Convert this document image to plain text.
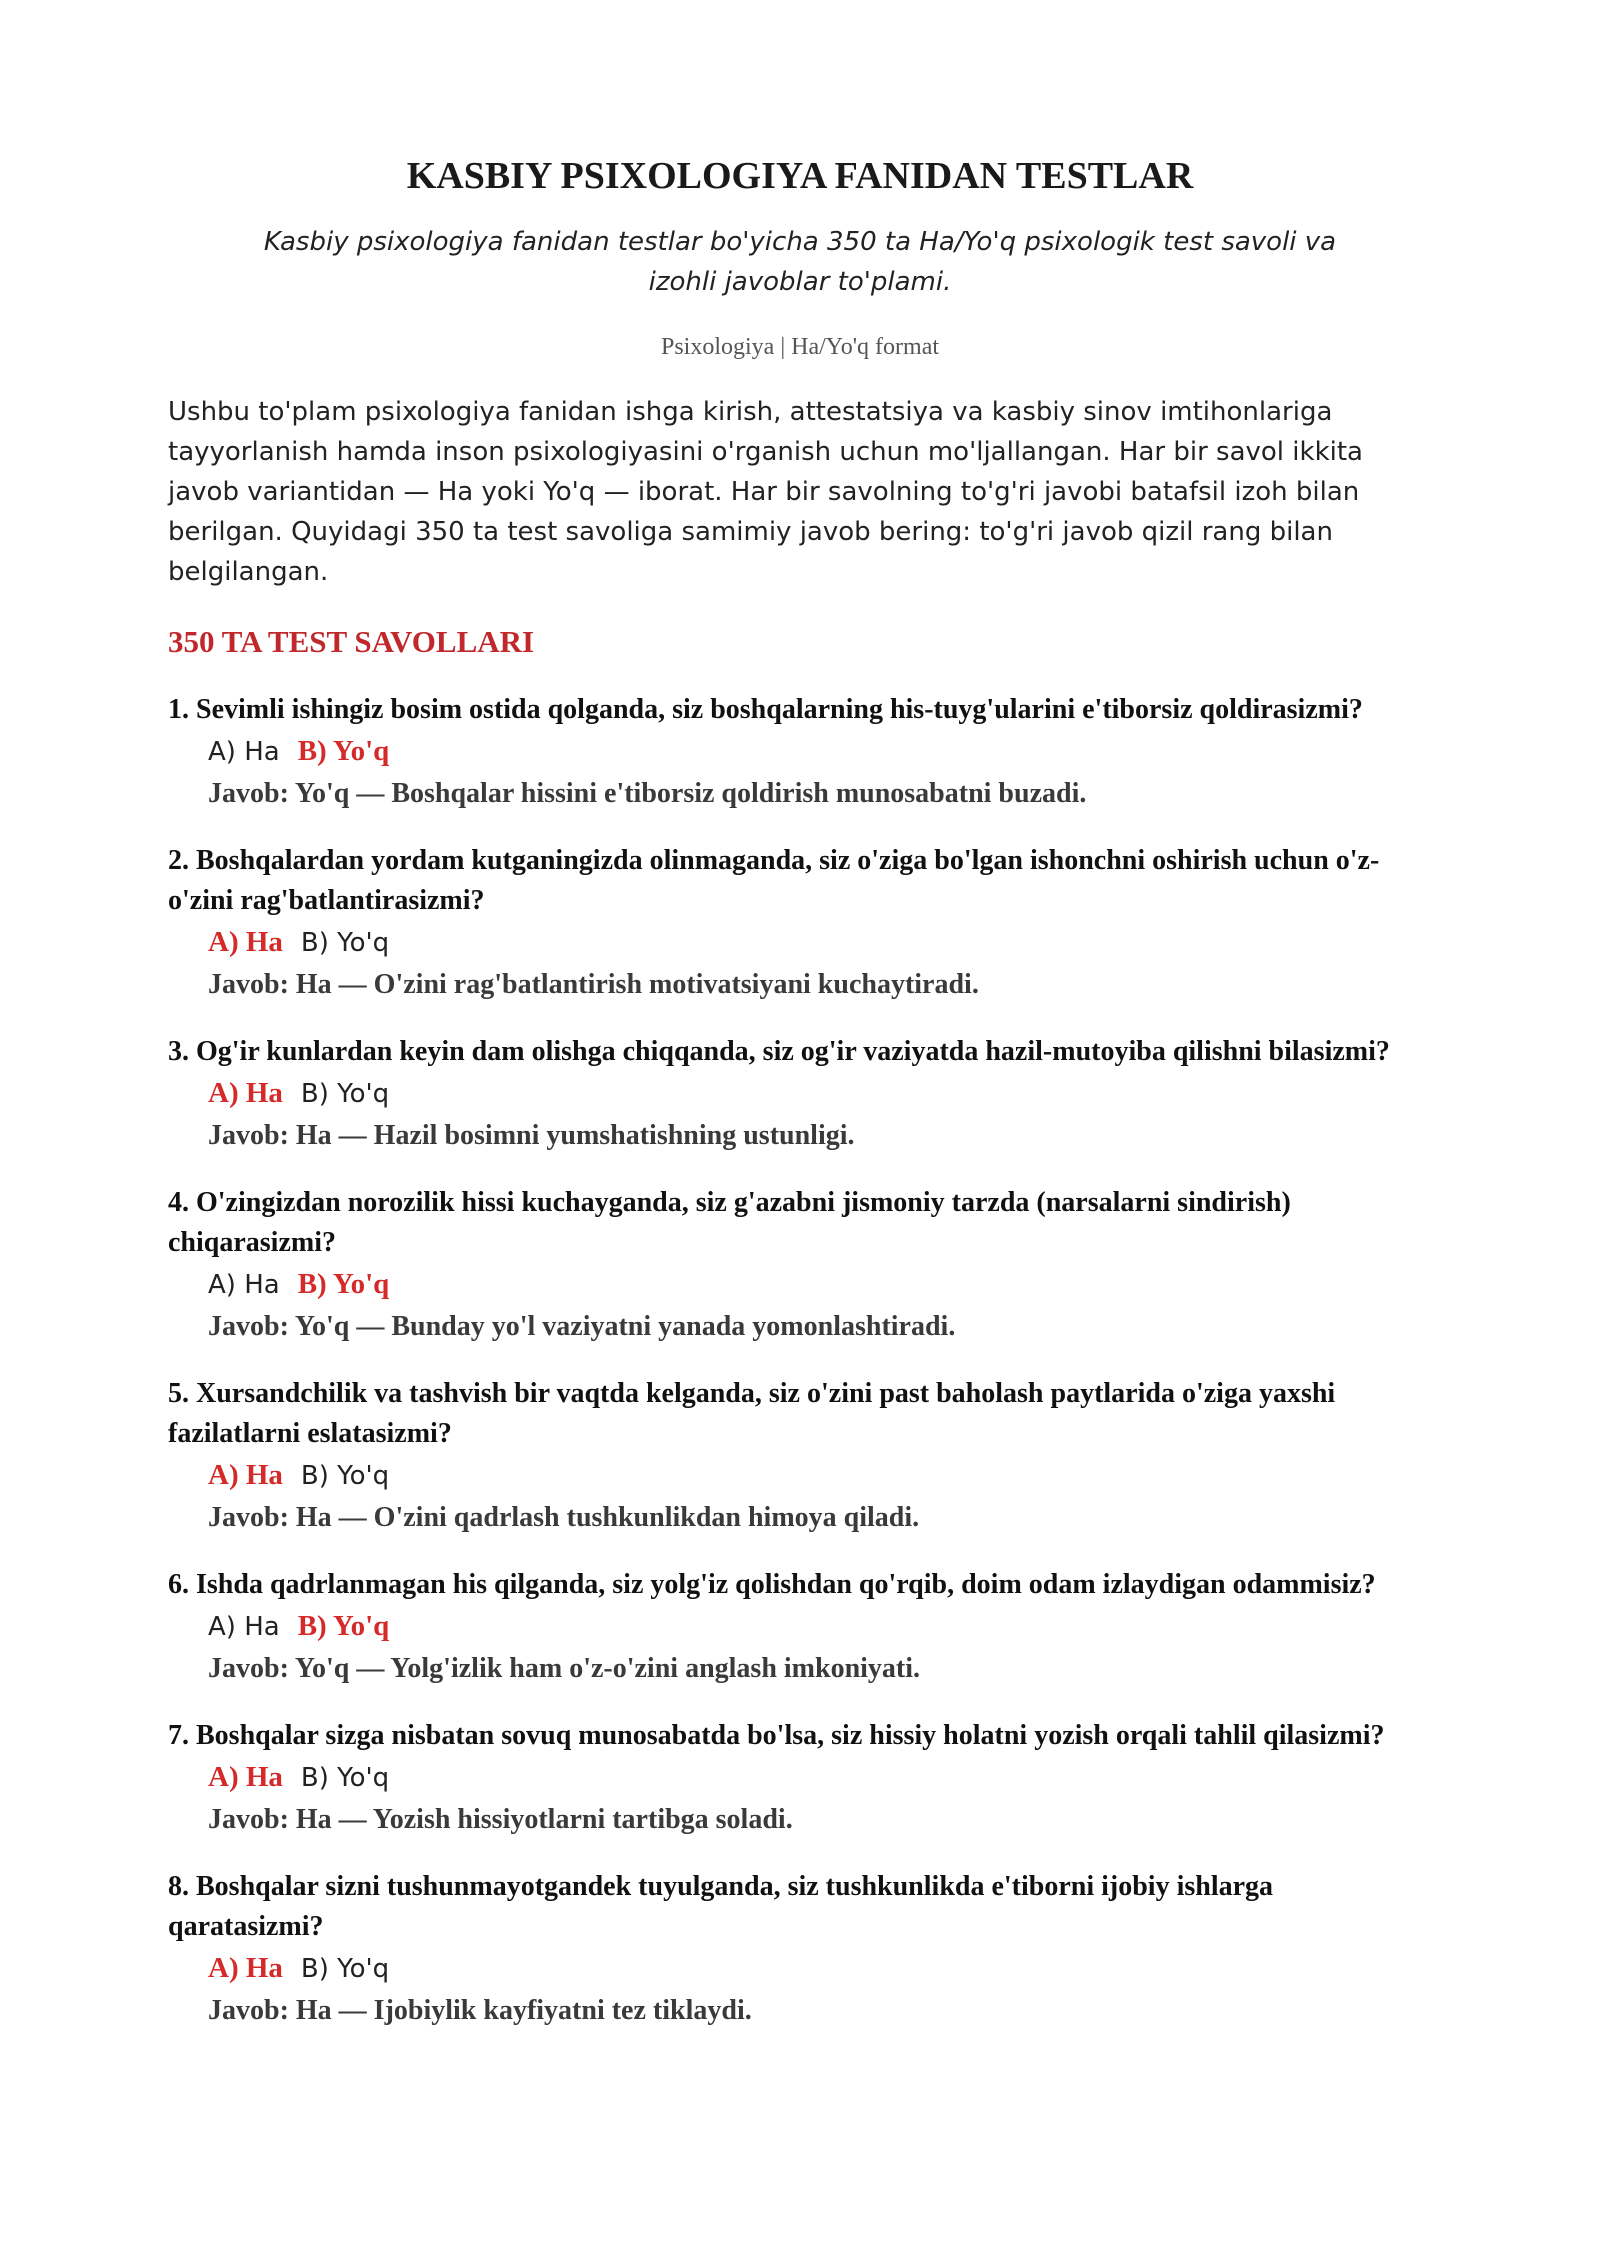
KASBIY PSIXOLOGIYA FANIDAN TESTLAR
Kasbiy psixologiya fanidan testlar bo'yicha 350 ta Ha/Yo'q psixologik test savoli va izohli javoblar to'plami.
Psixologiya | Ha/Yo'q format
Ushbu to'plam psixologiya fanidan ishga kirish, attestatsiya va kasbiy sinov imtihonlariga tayyorlanish hamda inson psixologiyasini o'rganish uchun mo'ljallangan. Har bir savol ikkita javob variantidan — Ha yoki Yo'q — iborat. Har bir savolning to'g'ri javobi batafsil izoh bilan berilgan. Quyidagi 350 ta test savoliga samimiy javob bering: to'g'ri javob qizil rang bilan belgilangan.
350 TA TEST SAVOLLARI
1. Sevimli ishingiz bosim ostida qolganda, siz boshqalarning his-tuyg'ularini e'tiborsiz qoldirasizmi?
A) Ha B) Yo'q
Javob: Yo'q — Boshqalar hissini e'tiborsiz qoldirish munosabatni buzadi.
2. Boshqalardan yordam kutganingizda olinmaganda, siz o'ziga bo'lgan ishonchni oshirish uchun o'z-o'zini rag'batlantirasizmi?
A) Ha B) Yo'q
Javob: Ha — O'zini rag'batlantirish motivatsiyani kuchaytiradi.
3. Og'ir kunlardan keyin dam olishga chiqqanda, siz og'ir vaziyatda hazil-mutoyiba qilishni bilasizmi?
A) Ha B) Yo'q
Javob: Ha — Hazil bosimni yumshatishning ustunligi.
4. O'zingizdan norozilik hissi kuchayganda, siz g'azabni jismoniy tarzda (narsalarni sindirish) chiqarasizmi?
A) Ha B) Yo'q
Javob: Yo'q — Bunday yo'l vaziyatni yanada yomonlashtiradi.
5. Xursandchilik va tashvish bir vaqtda kelganda, siz o'zini past baholash paytlarida o'ziga yaxshi fazilatlarni eslatasizmi?
A) Ha B) Yo'q
Javob: Ha — O'zini qadrlash tushkunlikdan himoya qiladi.
6. Ishda qadrlanmagan his qilganda, siz yolg'iz qolishdan qo'rqib, doim odam izlaydigan odammisiz?
A) Ha B) Yo'q
Javob: Yo'q — Yolg'izlik ham o'z-o'zini anglash imkoniyati.
7. Boshqalar sizga nisbatan sovuq munosabatda bo'lsa, siz hissiy holatni yozish orqali tahlil qilasizmi?
A) Ha B) Yo'q
Javob: Ha — Yozish hissiyotlarni tartibga soladi.
8. Boshqalar sizni tushunmayotgandek tuyulganda, siz tushkunlikda e'tiborni ijobiy ishlarga qaratasizmi?
A) Ha B) Yo'q
Javob: Ha — Ijobiylik kayfiyatni tez tiklaydi.
